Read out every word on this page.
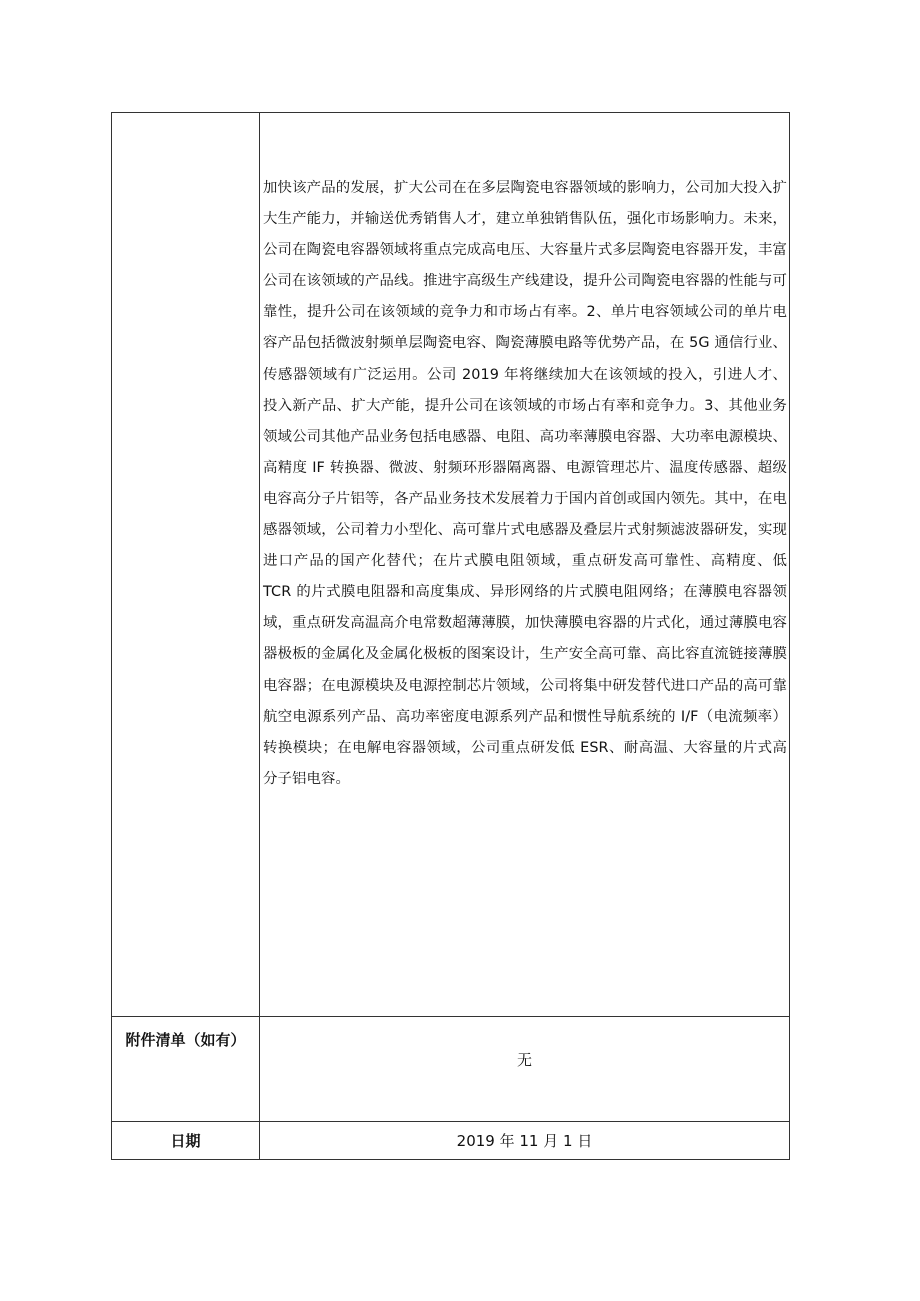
	加快该产品的发展，扩大公司在在多层陶瓷电容器领域的影响力，公司加大投入扩大生产能力，并输送优秀销售人才，建立单独销售队伍，强化市场影响力。未来，公司在陶瓷电容器领域将重点完成高电压、大容量片式多层陶瓷电容器开发，丰富公司在该领域的产品线。推进宇高级生产线建设，提升公司陶瓷电容器的性能与可靠性，提升公司在该领域的竞争力和市场占有率。2、单片电容领域公司的单片电容产品包括微波射频单层陶瓷电容、陶瓷薄膜电路等优势产品，在 5G 通信行业、传感器领域有广泛运用。公司 2019 年将继续加大在该领域的投入，引进人才、投入新产品、扩大产能，提升公司在该领域的市场占有率和竞争力。3、其他业务领域公司其他产品业务包括电感器、电阻、高功率薄膜电容器、大功率电源模块、高精度 IF 转换器、微波、射频环形器隔离器、电源管理芯片、温度传感器、超级电容高分子片铝等，各产品业务技术发展着力于国内首创或国内领先。其中，在电感器领域，公司着力小型化、高可靠片式电感器及叠层片式射频滤波器研发，实现进口产品的国产化替代；在片式膜电阻领域，重点研发高可靠性、高精度、低 TCR 的片式膜电阻器和高度集成、异形网络的片式膜电阻网络；在薄膜电容器领域，重点研发高温高介电常数超薄薄膜，加快薄膜电容器的片式化，通过薄膜电容器极板的金属化及金属化极板的图案设计，生产安全高可靠、高比容直流链接薄膜电容器；在电源模块及电源控制芯片领域，公司将集中研发替代进口产品的高可靠航空电源系列产品、高功率密度电源系列产品和惯性导航系统的 I/F（电流频率）转换模块；在电解电容器领域，公司重点研发低 ESR、耐高温、大容量的片式高分子铝电容。

附件清单（如有）	无
日期	2019 年 11 月 1 日
